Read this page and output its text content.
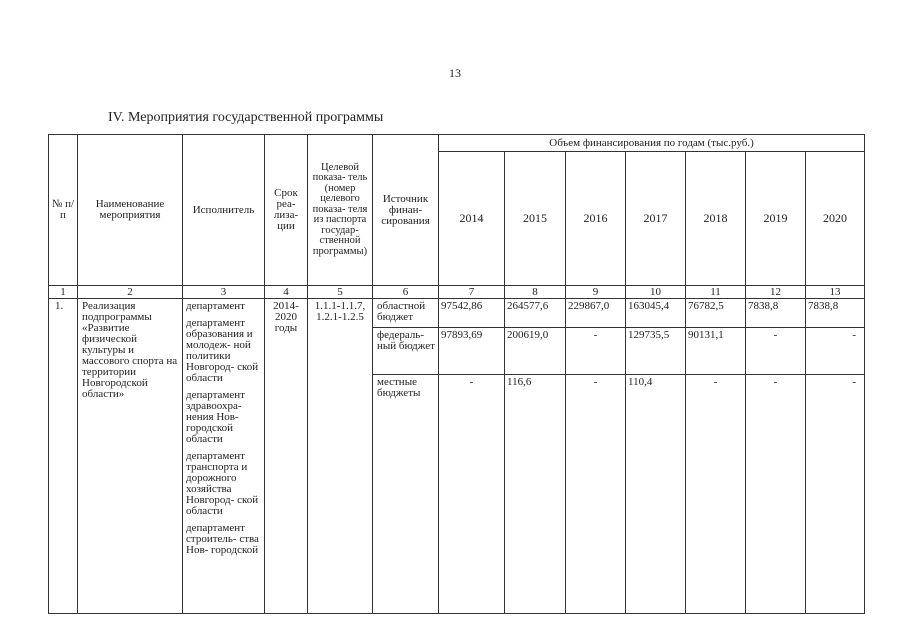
13
IV. Мероприятия государственной программы
№ п/п	Наименование мероприятия	Исполнитель	Срок реа- лиза- ции	Целевой показа- тель (номер целевого показа- теля из паспорта государ- ственной программы)	Источник финан- сирования	Объем финансирования по годам (тыс.руб.)						
						2014	2015	2016	2017	2018	2019	2020
1	2	3	4	5	6	7	8	9	10	11	12	13
1.	Реализация подпрограммы «Развитие физической культуры и массового спорта на территории Новгородской области»	департамент
департамент образования и молодеж- ной политики Новгород- ской области
департамент здравоохра- нения Нов- городской области
департамент транспорта и дорожного хозяйства Новгород- ской области
департамент строитель- ства Нов- городской	2014- 2020 годы	1.1.1-1.1.7, 1.2.1-1.2.5	областной бюджет	97542,86	264577,6	229867,0	163045,4	76782,5	7838,8	7838,8
					федераль- ный бюджет	97893,69	200619,0	-	129735,5	90131,1	-	-
					местные бюджеты	-	116,6	-	110,4	-	-	-
